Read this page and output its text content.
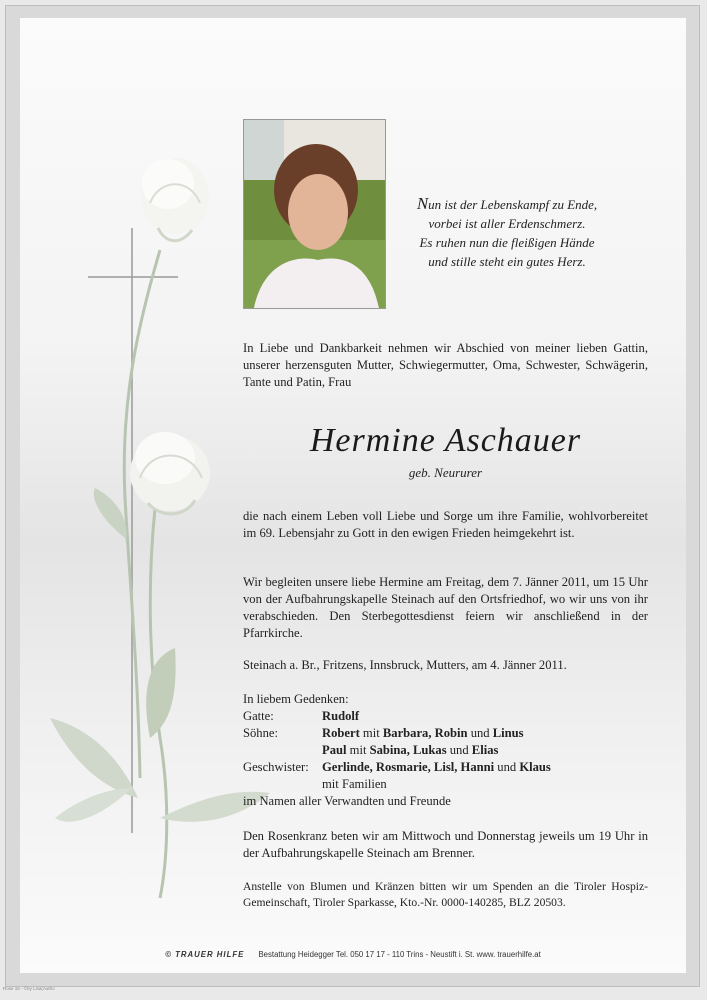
Nun ist der Lebenskampf zu Ende,
vorbei ist aller Erdenschmerz.
Es ruhen nun die fleißigen Hände
und stille steht ein gutes Herz.
In Liebe und Dankbarkeit nehmen wir Abschied von meiner lieben Gattin, unserer herzensguten Mutter, Schwiegermutter, Oma, Schwester, Schwägerin, Tante und Patin, Frau
Hermine Aschauer
geb. Neururer
die nach einem Leben voll Liebe und Sorge um ihre Familie, wohlvorbereitet im 69. Lebensjahr zu Gott in den ewigen Frieden heimgekehrt ist.
Wir begleiten unsere liebe Hermine am Freitag, dem 7. Jänner 2011, um 15 Uhr von der Aufbahrungskapelle Steinach auf den Ortsfriedhof, wo wir uns von ihr verabschieden. Den Sterbegottesdienst feiern wir anschließend in der Pfarrkirche.
Steinach a. Br., Fritzens, Innsbruck, Mutters, am 4. Jänner 2011.
In liebem Gedenken:
Gatte:	Rudolf
Söhne:	Robert mit Barbara, Robin und Linus
Paul mit Sabina, Lukas und Elias
Geschwister:	Gerlinde, Rosmarie, Lisl, Hanni und Klaus
mit Familien
im Namen aller Verwandten und Freunde
Den Rosenkranz beten wir am Mittwoch und Donnerstag jeweils um 19 Uhr in der Aufbahrungskapelle Steinach am Brenner.
Anstelle von Blumen und Kränzen bitten wir um Spenden an die Tiroler Hospiz-Gemeinschaft, Tiroler Sparkasse, Kto.-Nr. 0000-140285, BLZ 20503.
© TRAUER HILFE Bestattung Heidegger Tel. 050 17 17 - 110 Trins - Neustift i. St. www. trauerhilfe.at
Rose 16 - ©by Lisa(Autho
